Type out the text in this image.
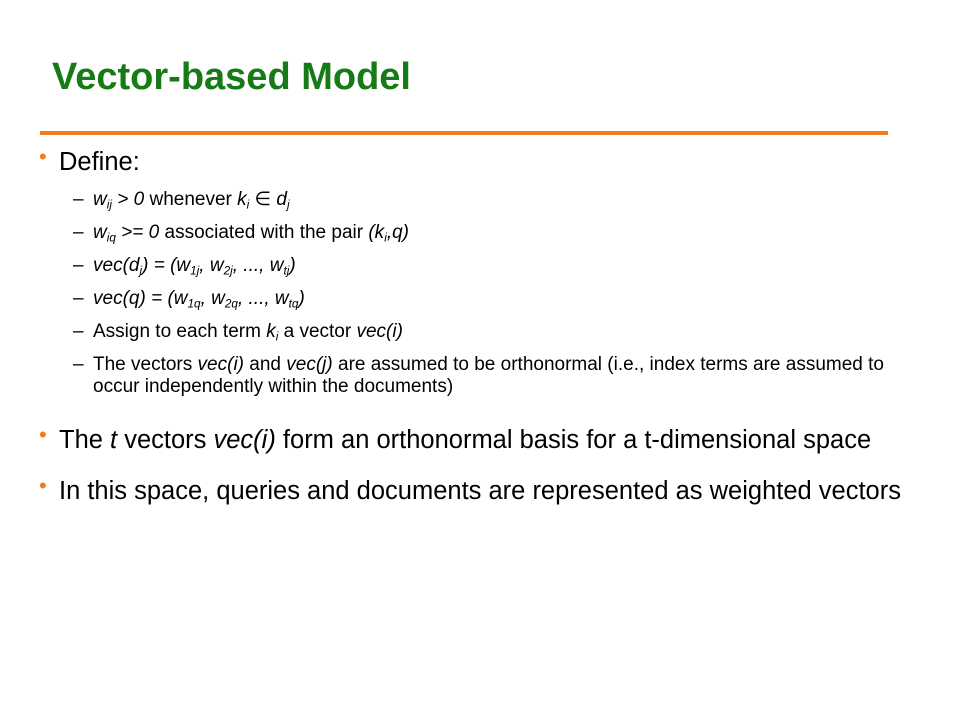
Vector-based Model
• Define:
– $w_{ij} > 0$ whenever $k_i$ ∈ $d_j$
– $w_{iq} >= 0$ associated with the pair $(k_i,q)$
– $vec(d_j) = (w_{1j}$, $w_{2j}$, ..., $w_{tj}$)
– $vec(q) = (w_{1q}$, $w_{2q}$, ..., $w_{tq}$)
– Assign to each term $k_i$ a vector vec(i)
– The vectors vec(i) and vec(j) are assumed to be orthonormal (i.e., index terms are assumed to occur independently within the documents)
• The t vectors vec(i) form an orthonormal basis for a t-dimensional space
• In this space, queries and documents are represented as weighted vectors
